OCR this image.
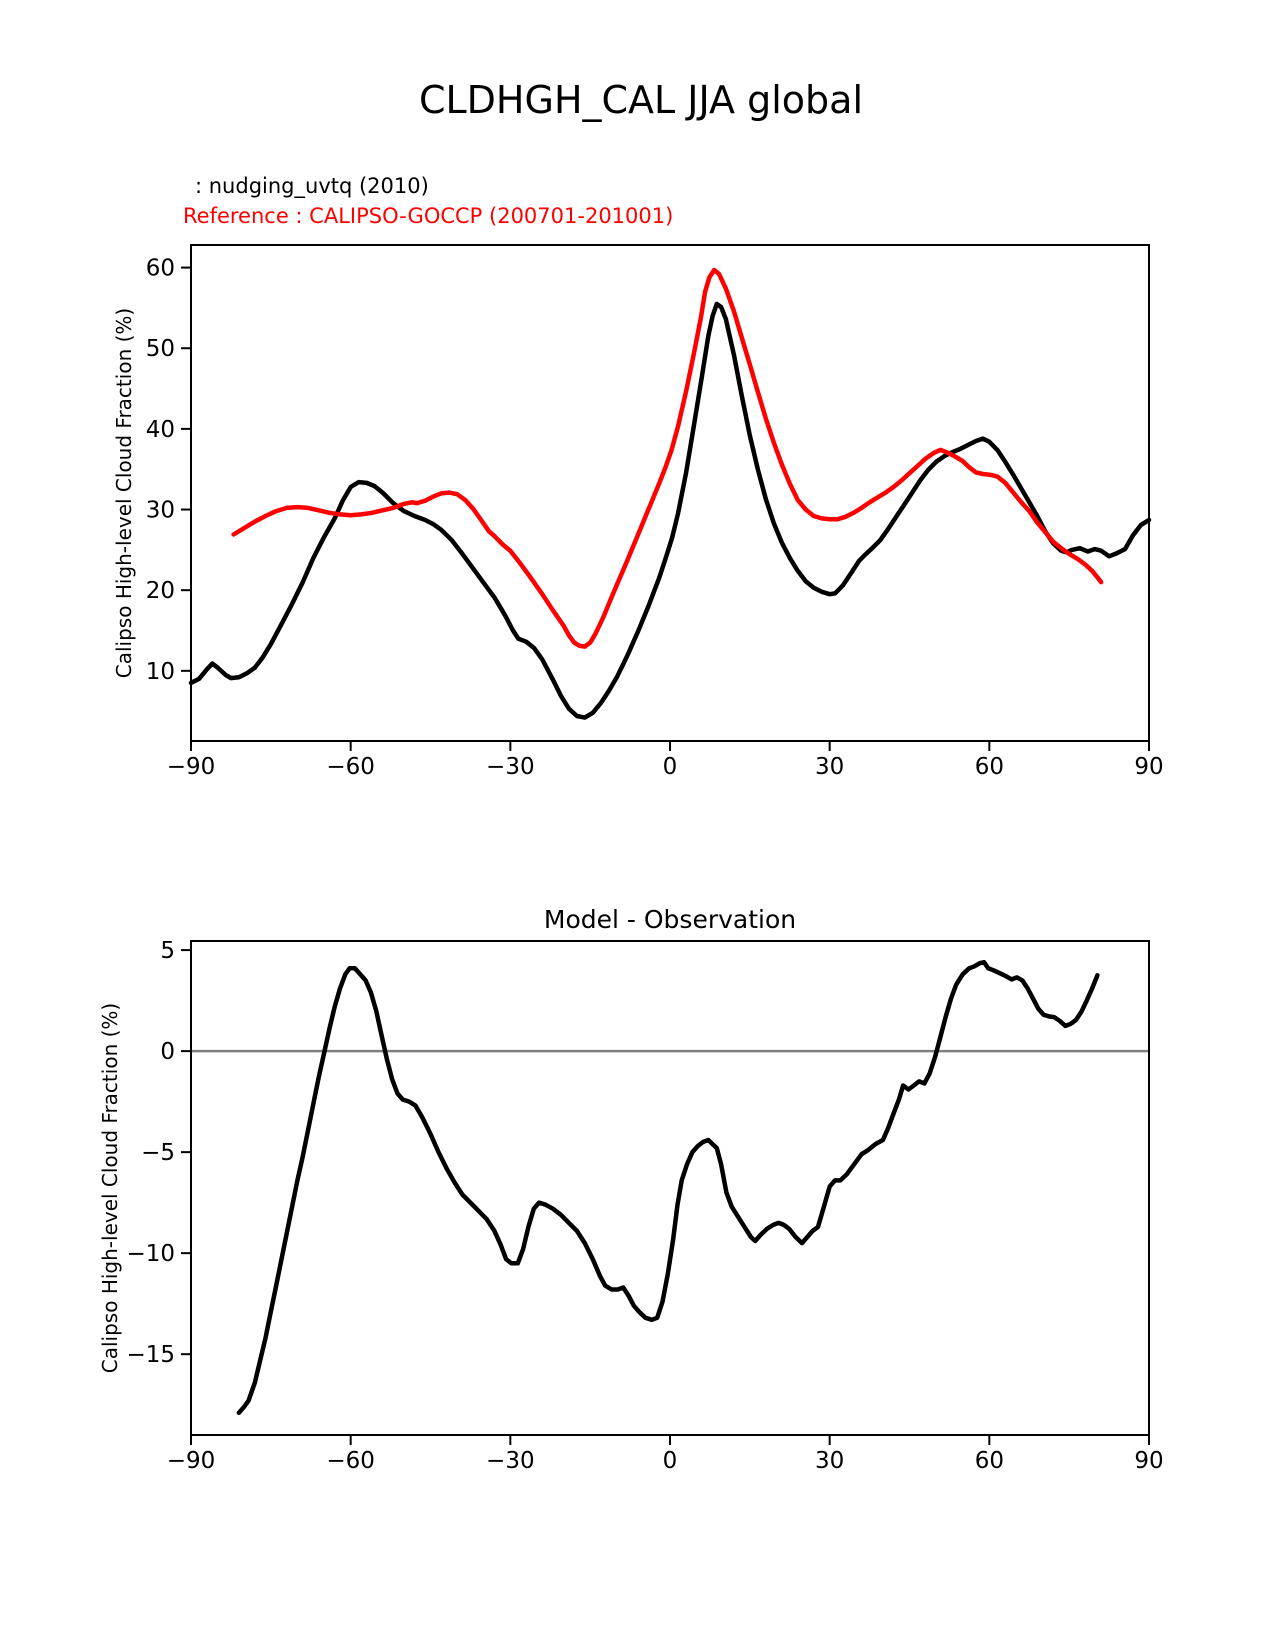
−90	−60	−30	0	30	60	90
10
20
30
40
50
60
−90	−60	−30	0	30	60	90
5
0
−5
−10
−15
CLDHGH_CAL JJA global
: nudging_uvtq (2010)
Reference : CALIPSO-GOCCP (200701-201001)
Model - Observation
Calipso High-level Cloud Fraction (%)
Calipso High-level Cloud Fraction (%)
